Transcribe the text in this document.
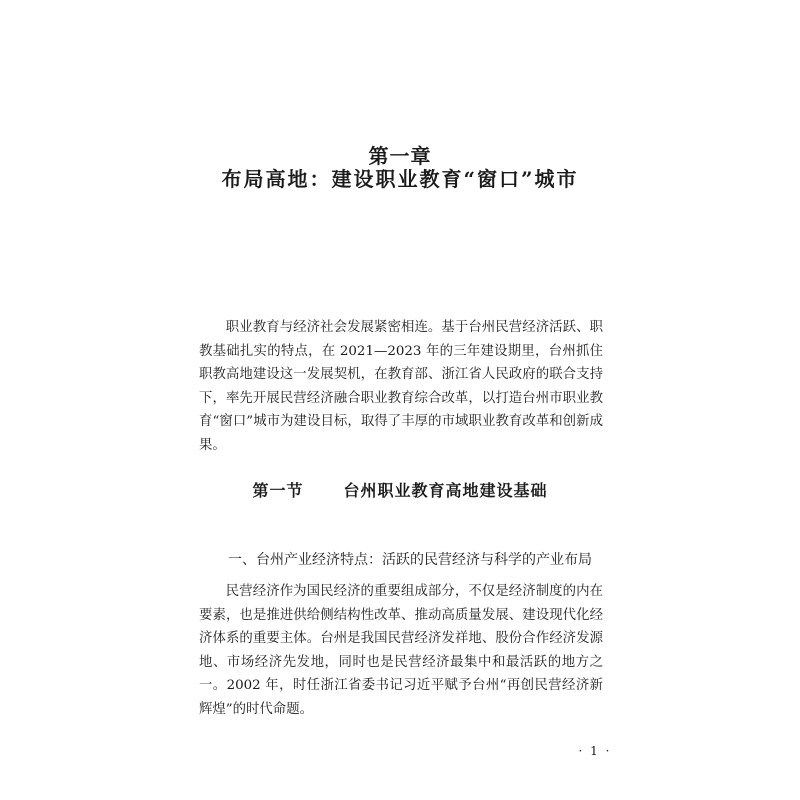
第一章
布局高地：建设职业教育“窗口”城市

职业教育与经济社会发展紧密相连。基于台州民营经济活跃、职教基础扎实的特点，在 2021—2023 年的三年建设期里，台州抓住职教高地建设这一发展契机，在教育部、浙江省人民政府的联合支持下，率先开展民营经济融合职业教育综合改革，以打造台州市职业教育“窗口”城市为建设目标，取得了丰厚的市域职业教育改革和创新成果。

第一节	台州职业教育高地建设基础
一、台州产业经济特点：活跃的民营经济与科学的产业布局

民营经济作为国民经济的重要组成部分，不仅是经济制度的内在要素，也是推进供给侧结构性改革、推动高质量发展、建设现代化经济体系的重要主体。台州是我国民营经济发祥地、股份合作经济发源地、市场经济先发地，同时也是民营经济最集中和最活跃的地方之一。2002 年，时任浙江省委书记习近平赋予台州“再创民营经济新辉煌”的时代命题。

· 1 ·
